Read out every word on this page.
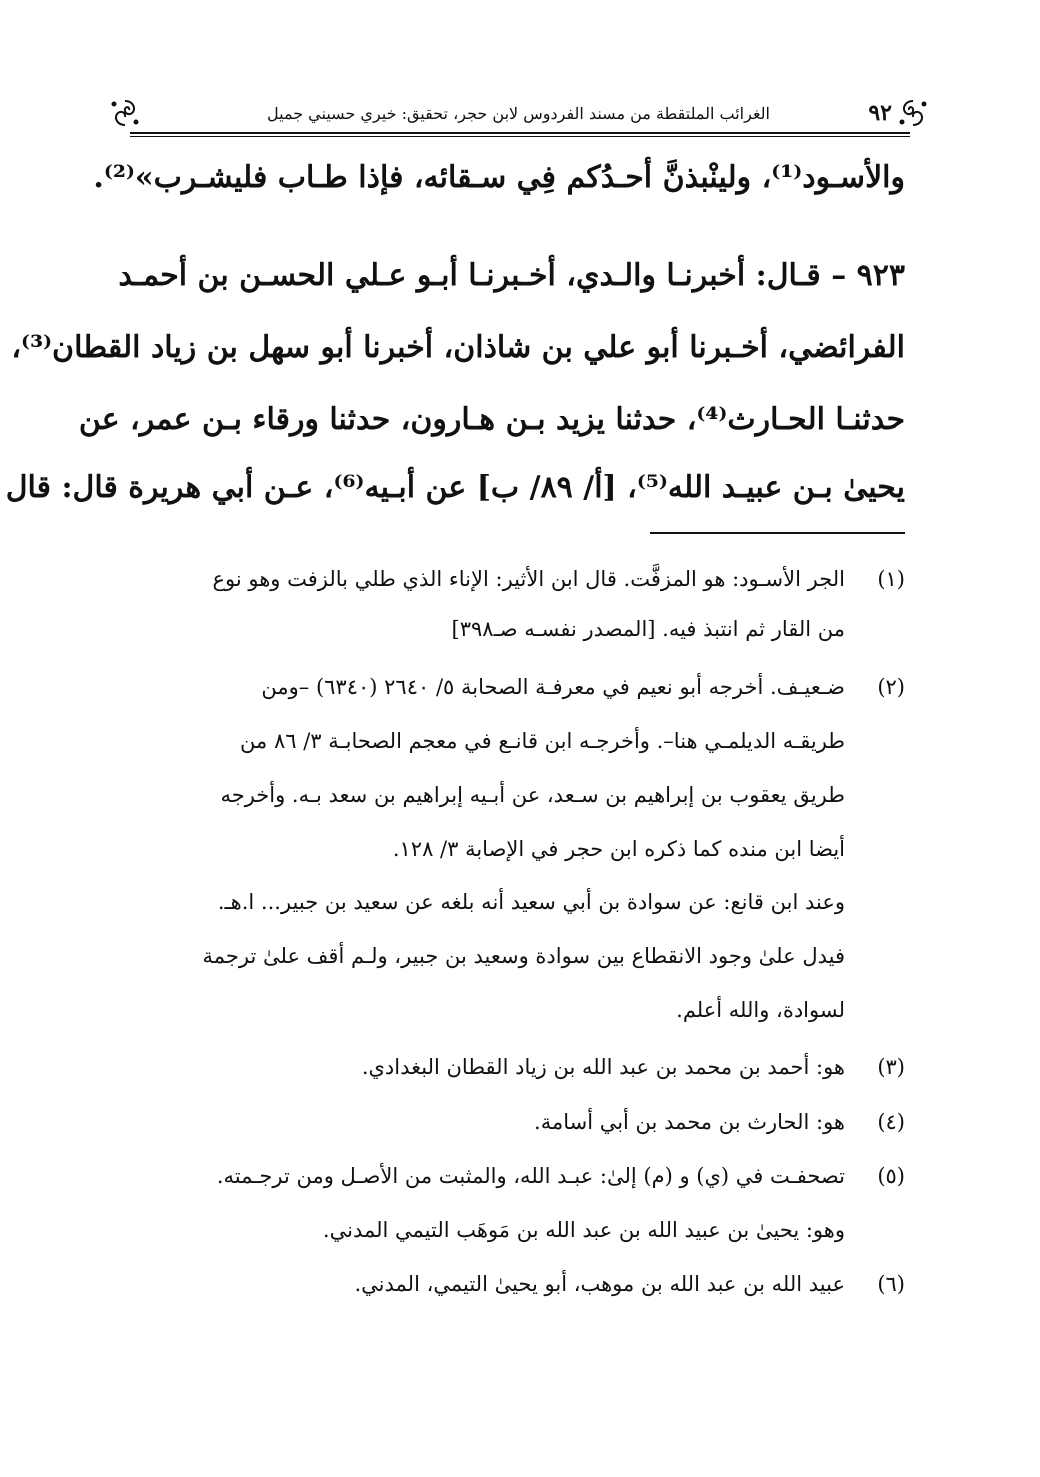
٩٢
الغرائب الملتقطة من مسند الفردوس لابن حجر، تحقيق: خيري حسيني جميل
والأسـود⁽¹⁾، ولينْبذنَّ أحـدُكم فِي سـقائه، فإذا طـاب فليشـرب»⁽²⁾.
٩٢٣ – قـال: أخبرنـا والـدي، أخـبرنـا أبـو عـلي الحسـن بن أحمـد
الفرائضي، أخـبرنا أبو علي بن شاذان، أخبرنا أبو سهل بن زياد القطان⁽³⁾،
حدثنـا الحـارث⁽⁴⁾، حدثنا يزيد بـن هـارون، حدثنا ورقاء بـن عمر، عن
يحيىٰ بـن عبيـد الله⁽⁵⁾، [أ/ ٨٩/ ب] عن أبـيه⁽⁶⁾، عـن أبي هريرة قال: قال
(١)
الجر الأسـود: هو المزفَّت. قال ابن الأثير: الإناء الذي طلي بالزفت وهو نوع
من القار ثم انتبذ فيه. [المصدر نفسـه صـ٣٩٨]
(٢)
ضـعيـف. أخرجه أبو نعيم في معرفـة الصحابة ٥/ ٢٦٤٠ (٦٣٤٠) –ومن
طريقـه الديلمـي هنا–. وأخرجـه ابن قانـع في معجم الصحابـة ٣/ ٨٦ من
طريق يعقوب بن إبراهيم بن سـعد، عن أبـيه إبراهيم بن سعد بـه. وأخرجه
أيضا ابن منده كما ذكره ابن حجر في الإصابة ٣/ ١٢٨.
وعند ابن قانع: عن سوادة بن أبي سعيد أنه بلغه عن سعيد بن جبير... ا.هـ.
فيدل علىٰ وجود الانقطاع بين سوادة وسعيد بن جبير، ولـم أقف علىٰ ترجمة
لسوادة، والله أعلم.
(٣)
هو: أحمد بن محمد بن عبد الله بن زياد القطان البغدادي.
(٤)
هو: الحارث بن محمد بن أبي أسامة.
(٥)
تصحفـت في (ي) و (م) إلىٰ: عبـد الله، والمثبت من الأصـل ومن ترجـمته.
وهو: يحيىٰ بن عبيد الله بن عبد الله بن مَوهَب التيمي المدني.
(٦)
عبيد الله بن عبد الله بن موهب، أبو يحيىٰ التيمي، المدني.
